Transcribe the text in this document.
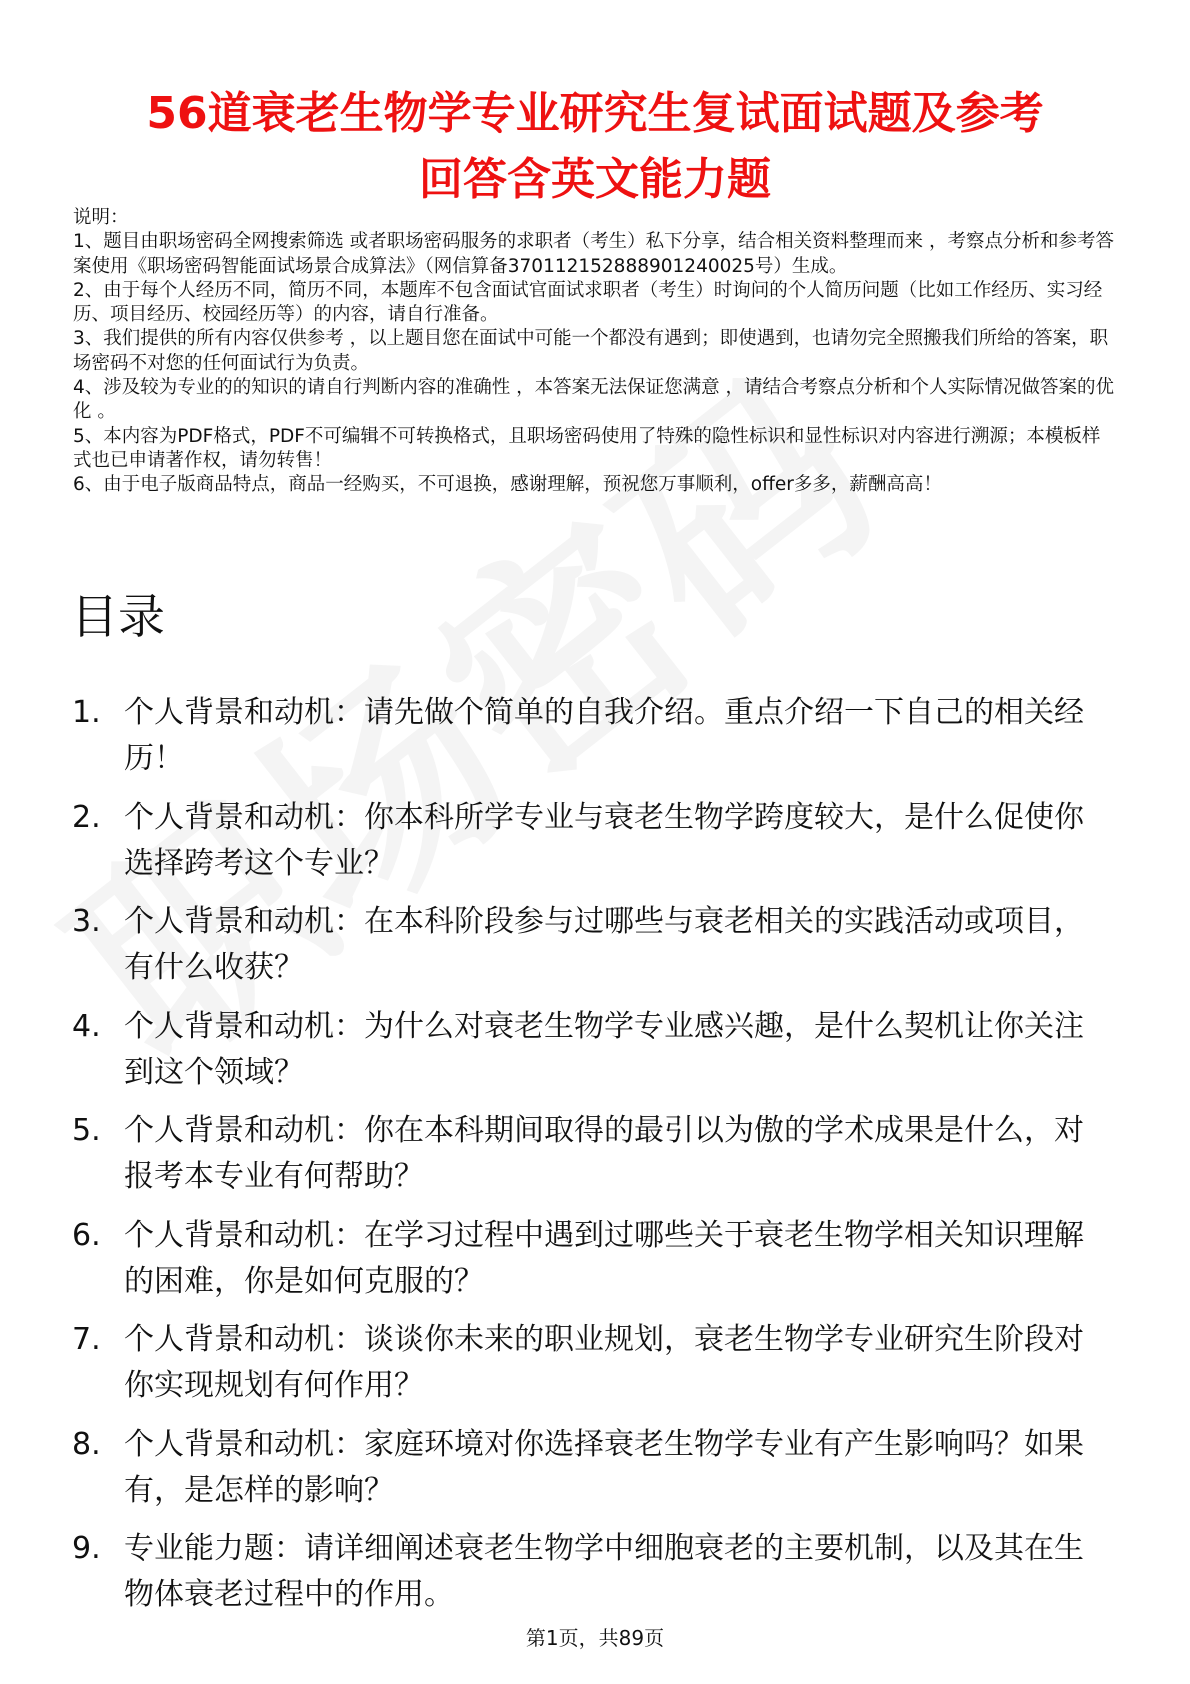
56道衰老生物学专业研究生复试面试题及参考
回答含英文能力题

说明：

1、题目由职场密码全网搜索筛选 或者职场密码服务的求职者（考生）私下分享，结合相关资料整理而来 ，考察点分析和参考答案使用《职场密码智能面试场景合成算法》（网信算备370112152888901240025号）生成。

2、由于每个人经历不同，简历不同，本题库不包含面试官面试求职者（考生）时询问的个人简历问题（比如工作经历、实习经历、项目经历、校园经历等）的内容，请自行准备。

3、我们提供的所有内容仅供参考 ，以上题目您在面试中可能一个都没有遇到；即使遇到，也请勿完全照搬我们所给的答案，职场密码不对您的任何面试行为负责。

4、涉及较为专业的的知识的请自行判断内容的准确性 ，本答案无法保证您满意 ，请结合考察点分析和个人实际情况做答案的优化 。

5、本内容为PDF格式，PDF不可编辑不可转换格式，且职场密码使用了特殊的隐性标识和显性标识对内容进行溯源；本模板样式也已申请著作权，请勿转售！

6、由于电子版商品特点，商品一经购买，不可退换，感谢理解，预祝您万事顺利，offer多多，薪酬高高！

目录
1. 个人背景和动机：请先做个简单的自我介绍。重点介绍一下自己的相关经历！
2. 个人背景和动机：你本科所学专业与衰老生物学跨度较大，是什么促使你选择跨考这个专业？
3. 个人背景和动机：在本科阶段参与过哪些与衰老相关的实践活动或项目，有什么收获？
4. 个人背景和动机：为什么对衰老生物学专业感兴趣，是什么契机让你关注到这个领域？
5. 个人背景和动机：你在本科期间取得的最引以为傲的学术成果是什么，对报考本专业有何帮助？
6. 个人背景和动机：在学习过程中遇到过哪些关于衰老生物学相关知识理解的困难，你是如何克服的？
7. 个人背景和动机：谈谈你未来的职业规划，衰老生物学专业研究生阶段对你实现规划有何作用？
8. 个人背景和动机：家庭环境对你选择衰老生物学专业有产生影响吗？如果有，是怎样的影响？
9. 专业能力题：请详细阐述衰老生物学中细胞衰老的主要机制，以及其在生物体衰老过程中的作用。
第1页，共89页
